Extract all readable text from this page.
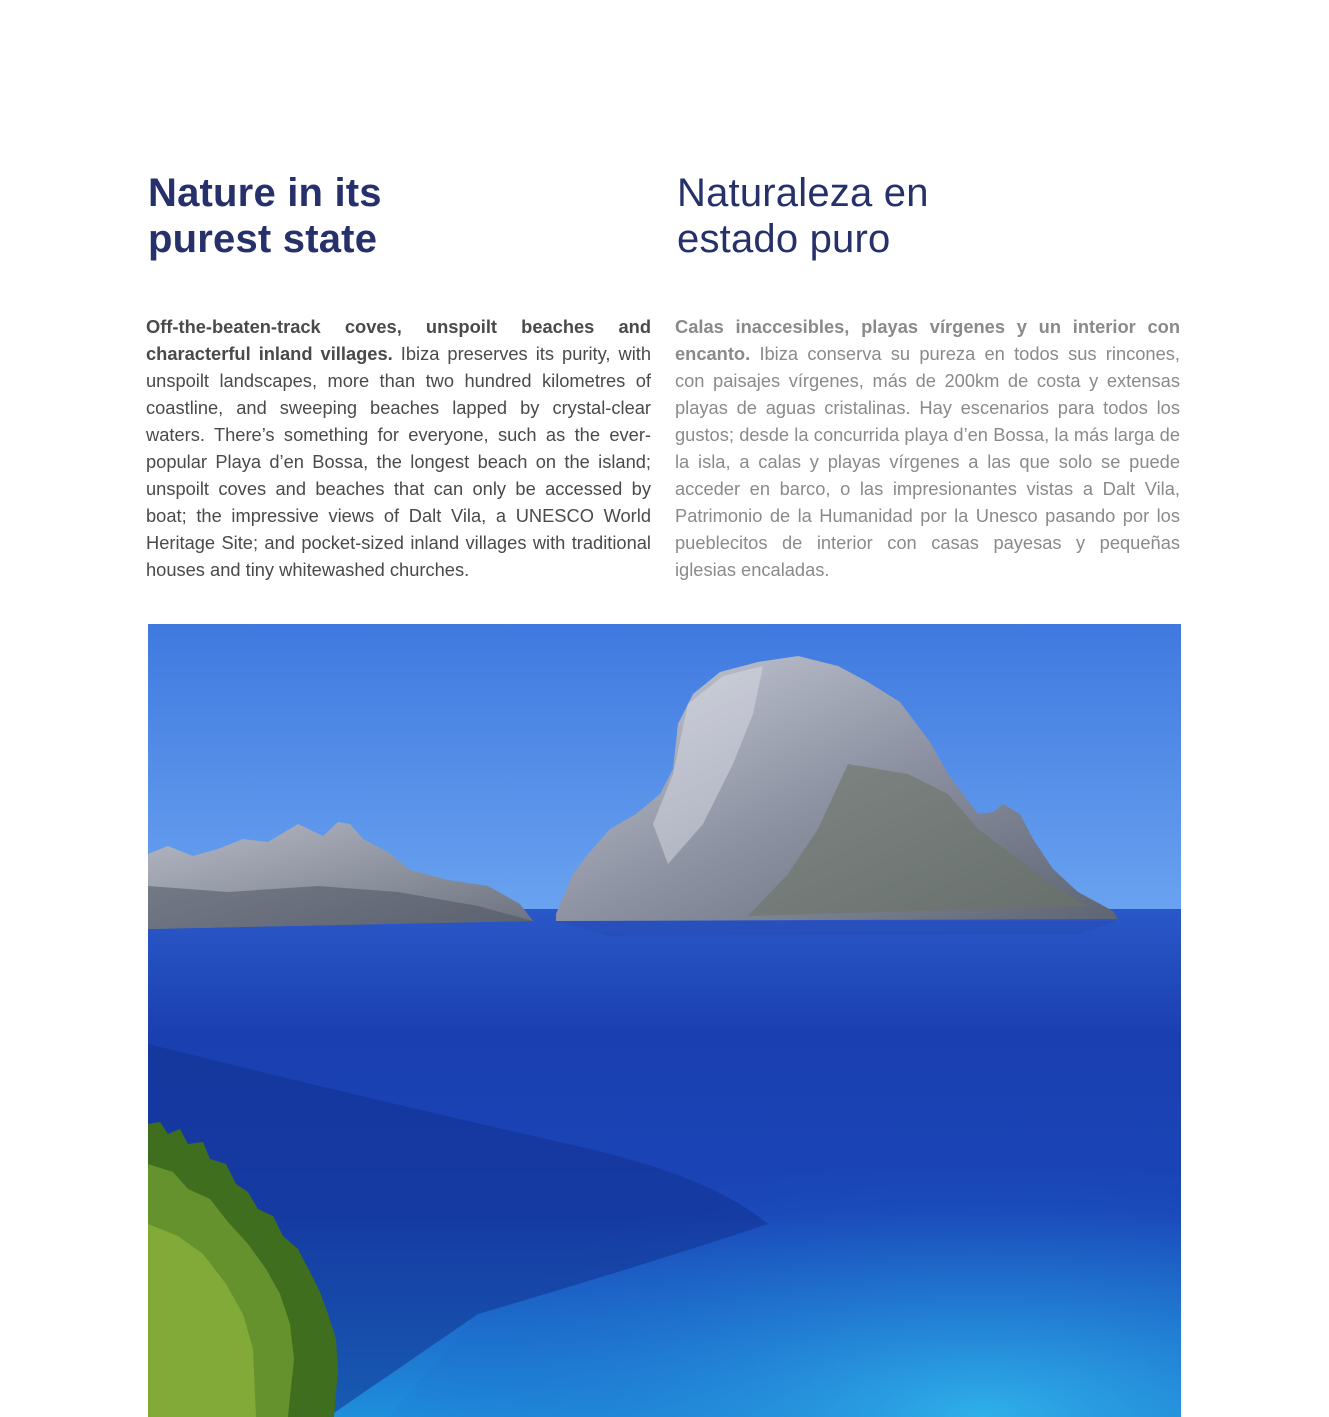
Nature in its
purest state

Off-the-beaten-track coves, unspoilt beaches and characterful inland villages. Ibiza preserves its purity, with unspoilt landscapes, more than two hundred kilometres of coastline, and sweeping beaches lapped by crystal-clear waters. There’s something for everyone, such as the ever-popular Playa d’en Bossa, the longest beach on the island; unspoilt coves and beaches that can only be accessed by boat; the impressive views of Dalt Vila, a UNESCO World Heritage Site; and pocket-sized inland villages with traditional houses and tiny whitewashed churches.

Naturaleza en
estado puro

Calas inaccesibles, playas vírgenes y un interior con encanto. Ibiza conserva su pureza en todos sus rincones, con paisajes vírgenes, más de 200km de costa y extensas playas de aguas cristalinas. Hay escenarios para todos los gustos; desde la concurrida playa d’en Bossa, la más larga de la isla, a calas y playas vírgenes a las que solo se puede acceder en barco, o las impresionantes vistas a Dalt Vila, Patrimonio de la Humanidad por la Unesco pasando por los pueblecitos de interior con casas payesas y pequeñas iglesias encaladas.
